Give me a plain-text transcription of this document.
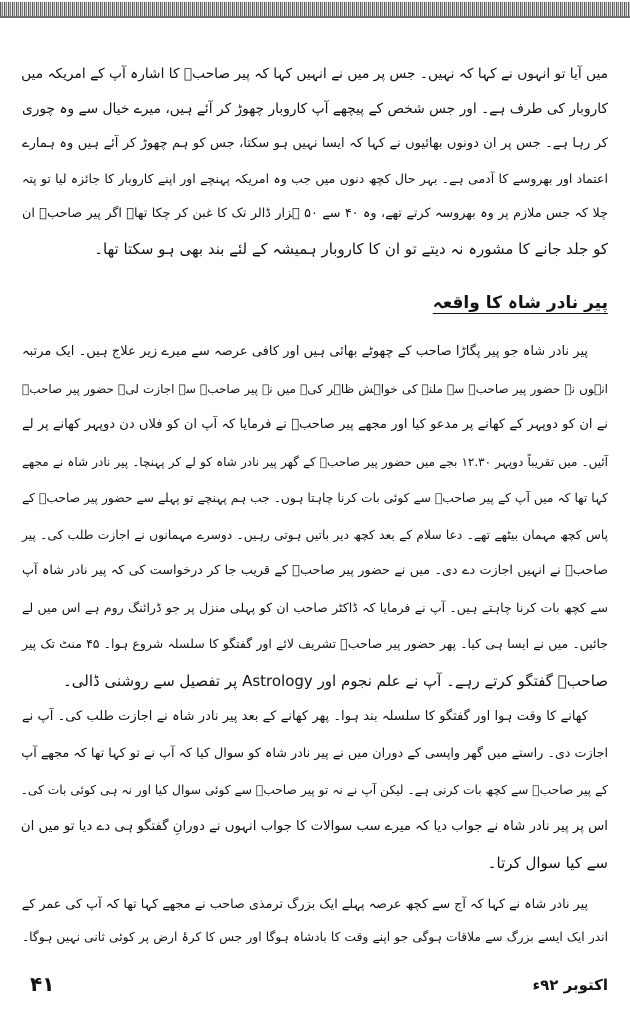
میں آیا تو انہوں نے کہا کہ نہیں۔ جس پر میں نے انہیں کہا کہ پیر صاحبؒ کا اشارہ آپ کے امریکہ میں
کاروبار کی طرف ہے۔ اور جس شخص کے پیچھے آپ کاروبار چھوڑ کر آئے ہیں، میرے خیال سے وہ چوری
کر رہا ہے۔ جس پر ان دونوں بھائیوں نے کہا کہ ایسا نہیں ہو سکتا، جس کو ہم چھوڑ کر آئے ہیں وہ ہمارے
اعتماد اور بھروسے کا آدمی ہے۔ بہر حال کچھ دنوں میں جب وہ امریکہ پہنچے اور اپنے کاروبار کا جائزہ لیا تو پتہ
چلا کہ جس ملازم پر وہ بھروسہ کرتے تھے، وہ ۴۰ سے ۵۰ ہزار ڈالر تک کا غبن کر چکا تھا۔ اگر پیر صاحبؒ ان
کو جلد جانے کا مشورہ نہ دیتے تو ان کا کاروبار ہمیشہ کے لئے بند بھی ہو سکتا تھا۔
پیر نادر شاہ جو پیر پگاڑا صاحب کے چھوٹے بھائی ہیں اور کافی عرصہ سے میرے زیر علاج ہیں۔ ایک مرتبہ
انہوں نے حضور پیر صاحبؒ سے ملنے کی خواہش ظاہر کی۔ میں نے پیر صاحبؒ سے اجازت لی۔ حضور پیر صاحبؒ
نے ان کو دوپہر کے کھانے پر مدعو کیا اور مجھے پیر صاحبؒ نے فرمایا کہ آپ ان کو فلاں دن دوپہر کھانے پر لے
آئیں۔ میں تقریباً دوپہر ۱۲.۳۰ بجے میں حضور پیر صاحبؒ کے گھر پیر نادر شاہ کو لے کر پہنچا۔ پیر نادر شاہ نے مجھے
کہا تھا کہ میں آپ کے پیر صاحبؒ سے کوئی بات کرنا چاہتا ہوں۔ جب ہم پہنچے تو پہلے سے حضور پیر صاحبؒ کے
پاس کچھ مہمان بیٹھے تھے۔ دعا سلام کے بعد کچھ دیر باتیں ہوتی رہیں۔ دوسرے مہمانوں نے اجازت طلب کی۔ پیر
صاحبؒ نے انہیں اجازت دے دی۔ میں نے حضور پیر صاحبؒ کے قریب جا کر درخواست کی کہ پیر نادر شاہ آپ
سے کچھ بات کرنا چاہتے ہیں۔ آپ نے فرمایا کہ ڈاکٹر صاحب ان کو پہلی منزل پر جو ڈرائنگ روم ہے اس میں لے
جائیں۔ میں نے ایسا ہی کیا۔ پھر حضور پیر صاحبؒ تشریف لائے اور گفتگو کا سلسلہ شروع ہوا۔ ۴۵ منٹ تک پیر
صاحبؒ گفتگو کرتے رہے۔ آپ نے علم نجوم اور Astrology پر تفصیل سے روشنی ڈالی۔
کھانے کا وقت ہوا اور گفتگو کا سلسلہ بند ہوا۔ پھر کھانے کے بعد پیر نادر شاہ نے اجازت طلب کی۔ آپ نے
اجازت دی۔ راستے میں گھر واپسی کے دوران میں نے پیر نادر شاہ کو سوال کیا کہ آپ نے تو کہا تھا کہ مجھے آپ
کے پیر صاحبؒ سے کچھ بات کرنی ہے۔ لیکن آپ نے نہ تو پیر صاحبؒ سے کوئی سوال کیا اور نہ ہی کوئی بات کی۔
اس پر پیر نادر شاہ نے جواب دیا کہ میرے سب سوالات کا جواب انہوں نے دورانِ گفتگو ہی دے دیا تو میں ان
سے کیا سوال کرتا۔
پیر نادر شاہ نے کہا کہ آج سے کچھ عرصہ پہلے ایک بزرگ ترمذی صاحب نے مجھے کہا تھا کہ آپ کی عمر کے
اندر ایک ایسے بزرگ سے ملاقات ہوگی جو اپنے وقت کا بادشاہ ہوگا اور جس کا کرۂ ارض پر کوئی ثانی نہیں ہوگا۔
پیر نادر شاہ کا واقعہ
۴۱	اکتوبر ۹۲ء
